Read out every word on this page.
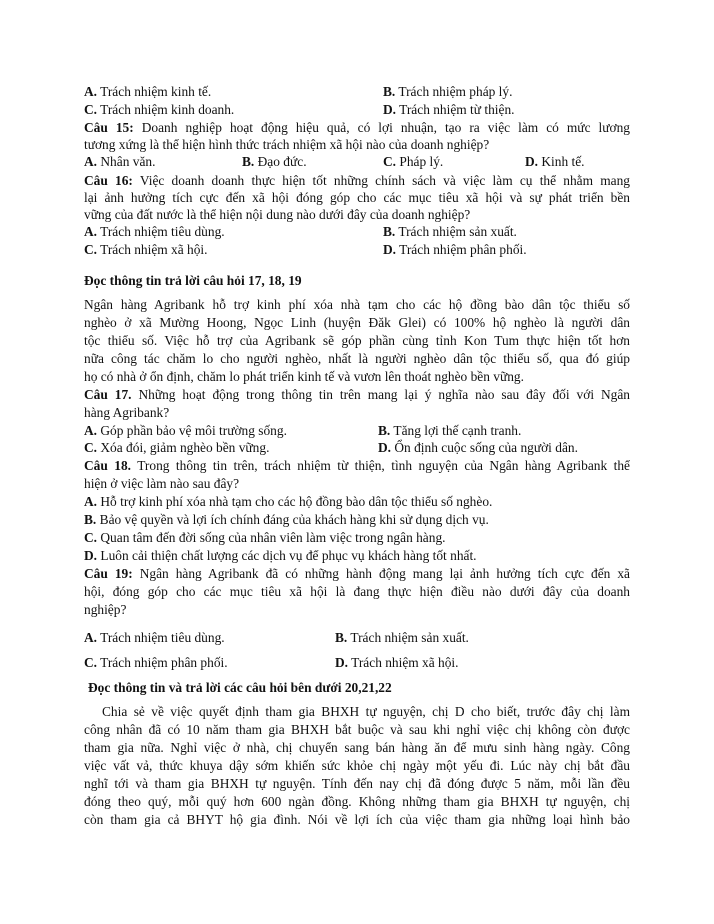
A. Trách nhiệm kinh tế.	B. Trách nhiệm pháp lý.
C. Trách nhiệm kinh doanh.	D. Trách nhiệm từ thiện.
Câu 15: Doanh nghiệp hoạt động hiệu quả, có lợi nhuận, tạo ra việc làm có mức lương
tương xứng là thể hiện hình thức trách nhiệm xã hội nào của doanh nghiệp?
A. Nhân văn.	B. Đạo đức.	C. Pháp lý.	D. Kinh tế.
Câu 16: Việc doanh doanh thực hiện tốt những chính sách và việc làm cụ thể nhằm mang
lại ảnh hưởng tích cực đến xã hội đóng góp cho các mục tiêu xã hội và sự phát triển bền
vững của đất nước là thể hiện nội dung nào dưới đây của doanh nghiệp?
A. Trách nhiệm tiêu dùng.	B. Trách nhiệm sản xuất.
C. Trách nhiệm xã hội.	D. Trách nhiệm phân phối.
Đọc thông tin trả lời câu hỏi 17, 18, 19
Ngân hàng Agribank hỗ trợ kinh phí xóa nhà tạm cho các hộ đồng bào dân tộc thiểu số
nghèo ở xã Mường Hoong, Ngọc Linh (huyện Đăk Glei) có 100% hộ nghèo là người dân
tộc thiểu số. Việc hỗ trợ của Agribank sẽ góp phần cùng tỉnh Kon Tum thực hiện tốt hơn
nữa công tác chăm lo cho người nghèo, nhất là người nghèo dân tộc thiểu số, qua đó giúp
họ có nhà ở ổn định, chăm lo phát triển kinh tế và vươn lên thoát nghèo bền vững.
Câu 17. Những hoạt động trong thông tin trên mang lại ý nghĩa nào sau đây đối với Ngân
hàng Agribank?
A. Góp phần bảo vệ môi trường sống.	B. Tăng lợi thế cạnh tranh.
C. Xóa đói, giảm nghèo bền vững.	D. Ổn định cuộc sống của người dân.
Câu 18. Trong thông tin trên, trách nhiệm từ thiện, tình nguyện của Ngân hàng Agribank thể
hiện ở việc làm nào sau đây?
A. Hỗ trợ kinh phí xóa nhà tạm cho các hộ đồng bào dân tộc thiểu số nghèo.
B. Bảo vệ quyền và lợi ích chính đáng của khách hàng khi sử dụng dịch vụ.
C. Quan tâm đến đời sống của nhân viên làm việc trong ngân hàng.
D. Luôn cải thiện chất lượng các dịch vụ để phục vụ khách hàng tốt nhất.
Câu 19: Ngân hàng Agribank đã có những hành động mang lại ảnh hưởng tích cực đến xã
hội, đóng góp cho các mục tiêu xã hội là đang thực hiện điều nào dưới đây của doanh
nghiệp?
A. Trách nhiệm tiêu dùng.	B. Trách nhiệm sản xuất.
C. Trách nhiệm phân phối.	D. Trách nhiệm xã hội.
Đọc thông tin và trả lời các câu hỏi bên dưới 20,21,22
Chia sẻ về việc quyết định tham gia BHXH tự nguyện, chị D cho biết, trước đây chị làm
công nhân đã có 10 năm tham gia BHXH bắt buộc và sau khi nghỉ việc chị không còn được
tham gia nữa. Nghỉ việc ở nhà, chị chuyển sang bán hàng ăn để mưu sinh hàng ngày. Công
việc vất vả, thức khuya dậy sớm khiến sức khỏe chị ngày một yếu đi. Lúc này chị bắt đầu
nghĩ tới và tham gia BHXH tự nguyện. Tính đến nay chị đã đóng được 5 năm, mỗi lần đều
đóng theo quý, mỗi quý hơn 600 ngàn đồng. Không những tham gia BHXH tự nguyện, chị
còn tham gia cả BHYT hộ gia đình. Nói về lợi ích của việc tham gia những loại hình bảo
